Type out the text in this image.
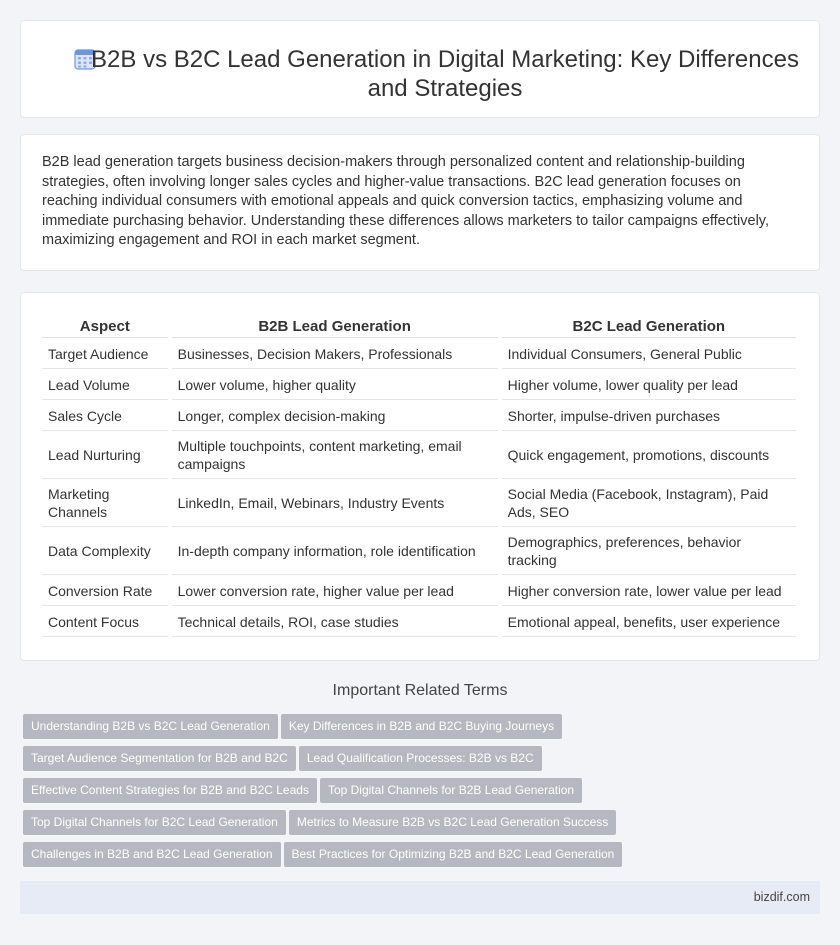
B2B vs B2C Lead Generation in Digital Marketing: Key Differences and Strategies

B2B lead generation targets business decision-makers through personalized content and relationship-building strategies, often involving longer sales cycles and higher-value transactions. B2C lead generation focuses on reaching individual consumers with emotional appeals and quick conversion tactics, emphasizing volume and immediate purchasing behavior. Understanding these differences allows marketers to tailor campaigns effectively, maximizing engagement and ROI in each market segment.

Aspect	B2B Lead Generation	B2C Lead Generation
Target Audience	Businesses, Decision Makers, Professionals	Individual Consumers, General Public
Lead Volume	Lower volume, higher quality	Higher volume, lower quality per lead
Sales Cycle	Longer, complex decision-making	Shorter, impulse-driven purchases
Lead Nurturing	Multiple touchpoints, content marketing, email campaigns	Quick engagement, promotions, discounts
Marketing Channels	LinkedIn, Email, Webinars, Industry Events	Social Media (Facebook, Instagram), Paid Ads, SEO
Data Complexity	In-depth company information, role identification	Demographics, preferences, behavior tracking
Conversion Rate	Lower conversion rate, higher value per lead	Higher conversion rate, lower value per lead
Content Focus	Technical details, ROI, case studies	Emotional appeal, benefits, user experience
Important Related Terms
Understanding B2B vs B2C Lead Generation Key Differences in B2B and B2C Buying Journeys
Target Audience Segmentation for B2B and B2C Lead Qualification Processes: B2B vs B2C
Effective Content Strategies for B2B and B2C Leads Top Digital Channels for B2B Lead Generation
Top Digital Channels for B2C Lead Generation Metrics to Measure B2B vs B2C Lead Generation Success
Challenges in B2B and B2C Lead Generation Best Practices for Optimizing B2B and B2C Lead Generation
bizdif.com
